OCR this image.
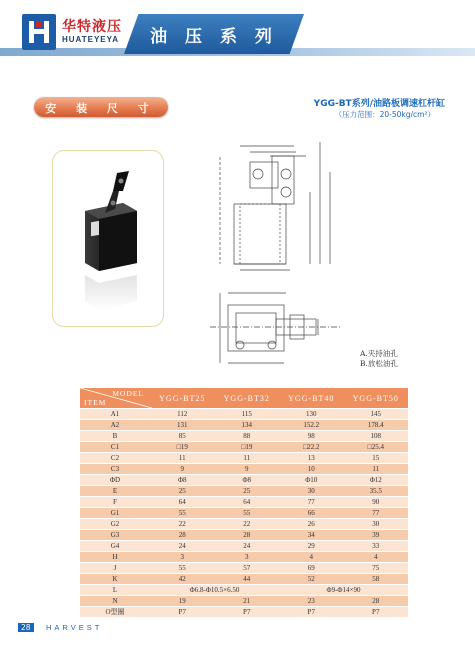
华特液压
HUATEYEYA	油 压 系 列
安 装 尺 寸	YGG-BT系列/油路板调速杠杆缸
（压力范围：20-50kg/cm²）
A.夹持油孔
B.放松油孔
MODEL
ITEM	YGG-BT25	YGG-BT32	YGG-BT40	YGG-BT50
A1	112	115	130	145
A2	131	134	152.2	178.4
B	85	88	98	108
C1	□19	□19	□22.2	□25.4
C2	11	11	13	15
C3	9	9	10	11
ΦD	Φ8	Φ8	Φ10	Φ12
E	25	25	30	35.5
F	64	64	77	90
G1	55	55	66	77
G2	22	22	26	30
G3	28	28	34	39
G4	24	24	29	33
H	3	3	4	4
J	55	57	69	75
K	42	44	52	58
L	Φ6.8-Φ10.5×6.50		Φ9-Φ14×90	
N	19	21	23	28
O型圈	P7	P7	P7	P7
28	HARVEST
